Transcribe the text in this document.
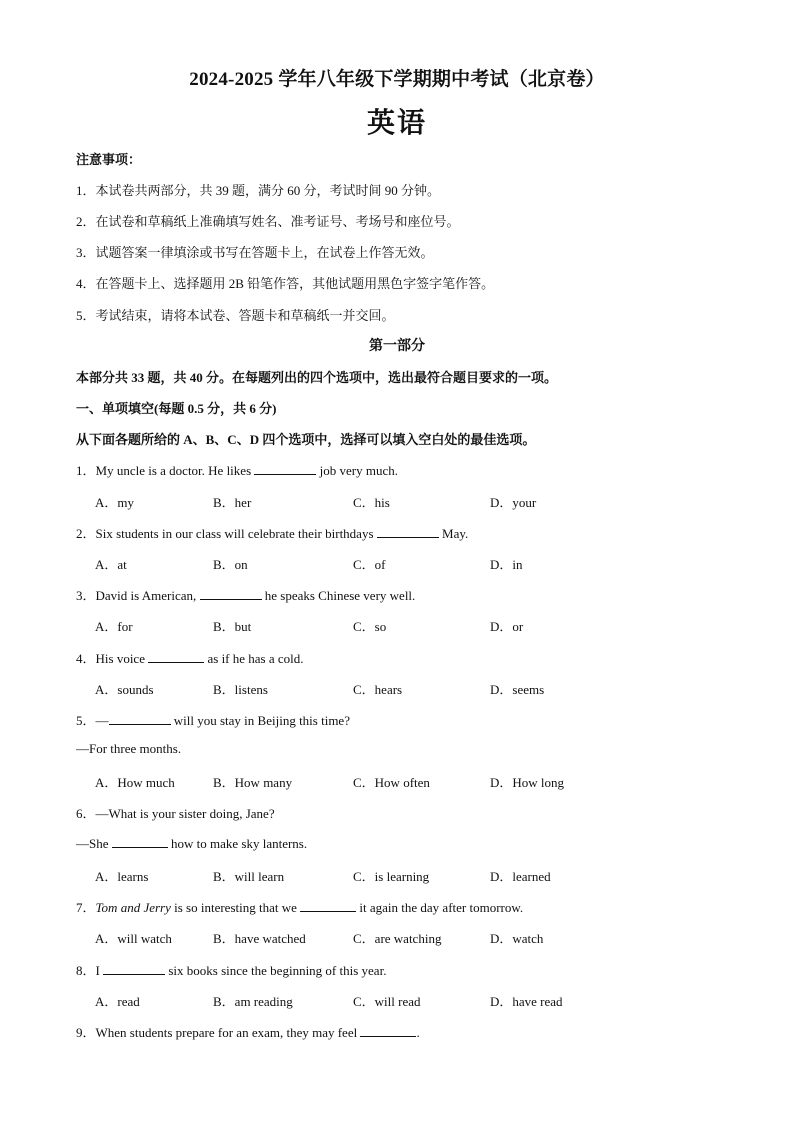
2024-2025 学年八年级下学期期中考试（北京卷）
英语
注意事项：
1．本试卷共两部分，共 39 题，满分 60 分，考试时间 90 分钟。
2．在试卷和草稿纸上准确填写姓名、准考证号、考场号和座位号。
3．试题答案一律填涂或书写在答题卡上，在试卷上作答无效。
4．在答题卡上、选择题用 2B 铅笔作答，其他试题用黑色字签字笔作答。
5．考试结束，请将本试卷、答题卡和草稿纸一并交回。
第一部分
本部分共 33 题，共 40 分。在每题列出的四个选项中，选出最符合题目要求的一项。
一、单项填空(每题 0.5 分，共 6 分)
从下面各题所给的 A、B、C、D 四个选项中，选择可以填入空白处的最佳选项。
1．My uncle is a doctor. He likes	job very much.
A．my	B．her	C．his	D．your
2．Six students in our class will celebrate their birthdays	May.
A．at	B．on	C．of	D．in
3．David is American,	he speaks Chinese very well.
A．for	B．but	C．so	D．or
4．His voice	as if he has a cold.
A．sounds	B．listens	C．hears	D．seems
5．—	will you stay in Beijing this time?
—For three months.
A．How much	B．How many	C．How often	D．How long
6．—What is your sister doing, Jane?
—She	how to make sky lanterns.
A．learns	B．will learn	C．is learning	D．learned
7．Tom and Jerry is so interesting that we	it again the day after tomorrow.
A．will watch	B．have watched	C．are watching	D．watch
8．I	six books since the beginning of this year.
A．read	B．am reading	C．will read	D．have read
9．When students prepare for an exam, they may feel	.
